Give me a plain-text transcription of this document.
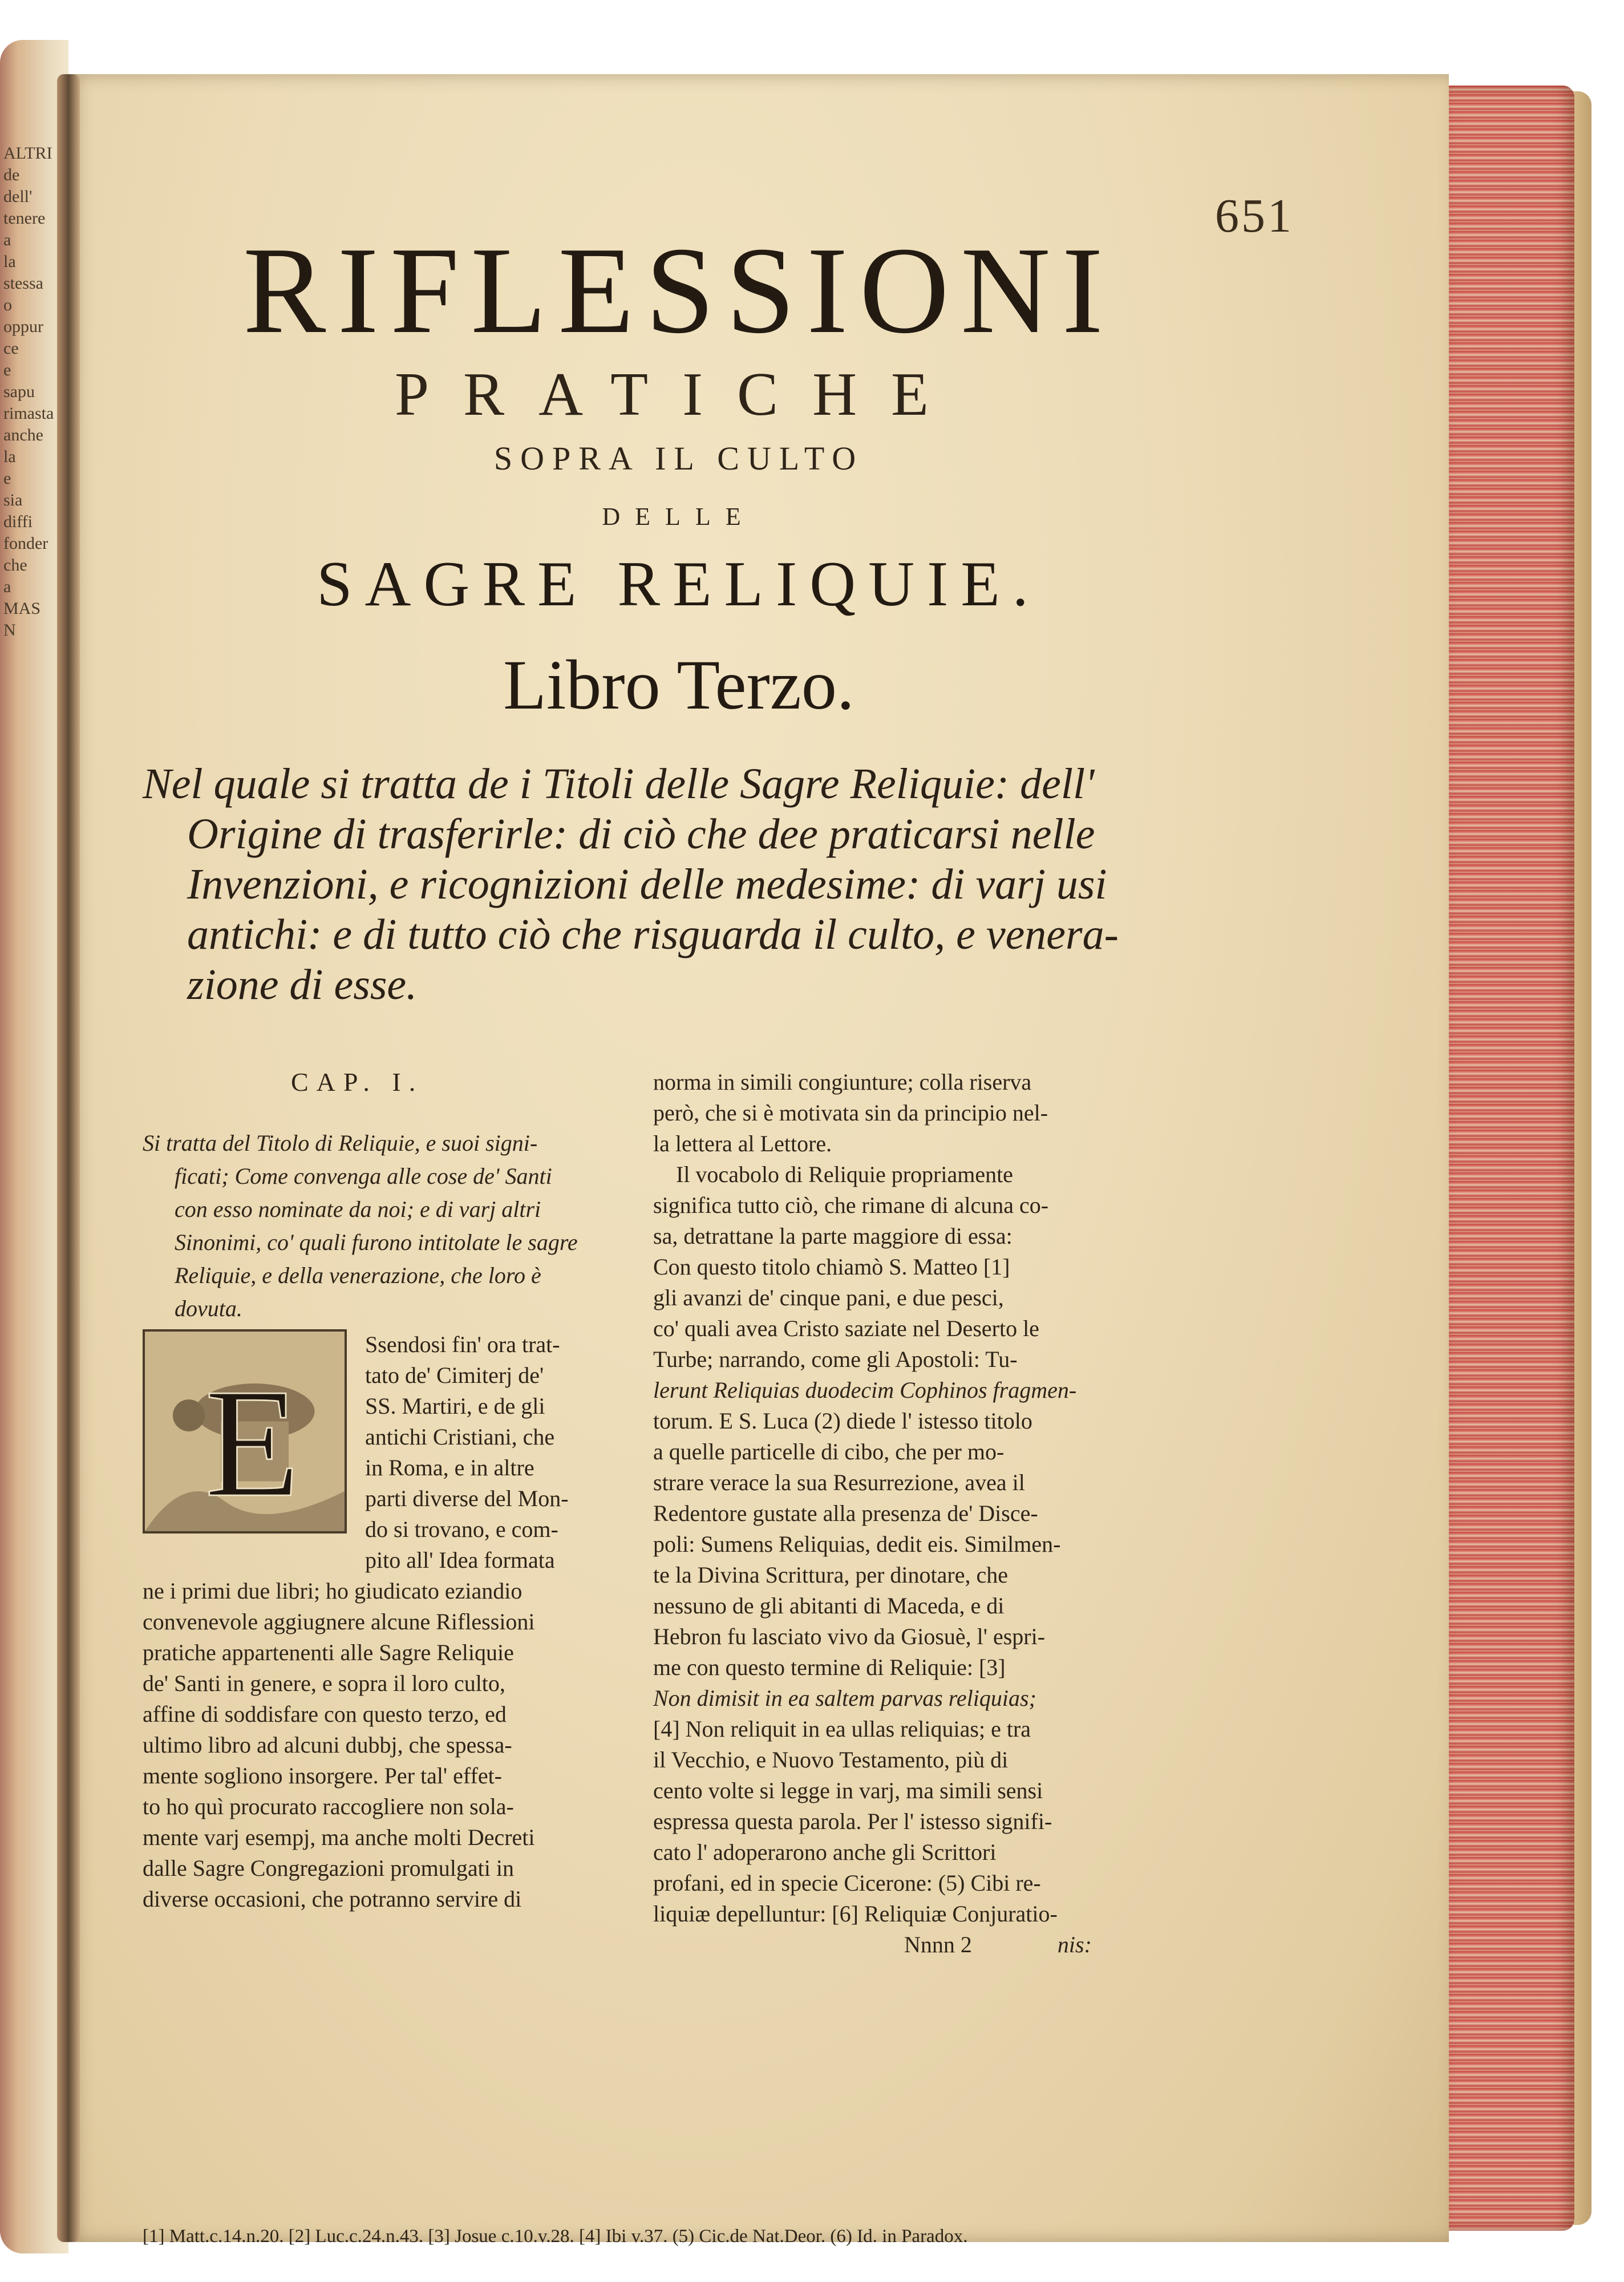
ALTRI
de
dell'
tenere
a
la
stessa
o
oppur
ce
e
sapu
rimasta
anche
la
e
sia
diffi
fonder
che
a
MAS
N
651
RIFLESSIONI
PRATICHE
SOPRA IL CULTO
DELLE
SAGRE RELIQUIE.
Libro Terzo.
Nel quale si tratta de i Titoli delle Sagre Reliquie: dell'
Origine di trasferirle: di ciò che dee praticarsi nelle
Invenzioni, e ricognizioni delle medesime: di varj usi
antichi: e di tutto ciò che risguarda il culto, e venera-
zione di esse.
CAP. I.
Si tratta del Titolo di Reliquie, e suoi signi-
ficati; Come convenga alle cose de' Santi
con esso nominate da noi; e di varj altri
Sinonimi, co' quali furono intitolate le sagre
Reliquie, e della venerazione, che loro è
dovuta.
Ssendosi fin' ora trat-
tato de' Cimiterj de'
SS. Martiri, e de gli
antichi Cristiani, che
in Roma, e in altre
parti diverse del Mon-
do si trovano, e com-
pito all' Idea formata
ne i primi due libri; ho giudicato eziandio
convenevole aggiugnere alcune Riflessioni
pratiche appartenenti alle Sagre Reliquie
de' Santi in genere, e sopra il loro culto,
affine di soddisfare con questo terzo, ed
ultimo libro ad alcuni dubbj, che spessa-
mente sogliono insorgere. Per tal' effet-
to ho quì procurato raccogliere non sola-
mente varj esempj, ma anche molti Decreti
dalle Sagre Congregazioni promulgati in
diverse occasioni, che potranno servire di
E
norma in simili congiunture; colla riserva
però, che si è motivata sin da principio nel-
la lettera al Lettore.
Il vocabolo di Reliquie propriamente
significa tutto ciò, che rimane di alcuna co-
sa, detrattane la parte maggiore di essa:
Con questo titolo chiamò S. Matteo [1]
gli avanzi de' cinque pani, e due pesci,
co' quali avea Cristo saziate nel Deserto le
Turbe; narrando, come gli Apostoli: Tu-
lerunt Reliquias duodecim Cophinos fragmen-
torum. E S. Luca (2) diede l' istesso titolo
a quelle particelle di cibo, che per mo-
strare verace la sua Resurrezione, avea il
Redentore gustate alla presenza de' Disce-
poli: Sumens Reliquias, dedit eis. Similmen-
te la Divina Scrittura, per dinotare, che
nessuno de gli abitanti di Maceda, e di
Hebron fu lasciato vivo da Giosuè, l' espri-
me con questo termine di Reliquie: [3]
Non dimisit in ea saltem parvas reliquias;
[4] Non reliquit in ea ullas reliquias; e tra
il Vecchio, e Nuovo Testamento, più di
cento volte si legge in varj, ma simili sensi
espressa questa parola. Per l' istesso signifi-
cato l' adoperarono anche gli Scrittori
profani, ed in specie Cicerone: (5) Cibi re-
liquiæ depelluntur: [6] Reliquiæ Conjuratio-
Nnnn 2	nis:
[1] Matt.c.14.n.20. [2] Luc.c.24.n.43. [3] Josue c.10.v.28. [4] Ibi v.37. (5) Cic.de Nat.Deor. (6) Id. in Paradox.
